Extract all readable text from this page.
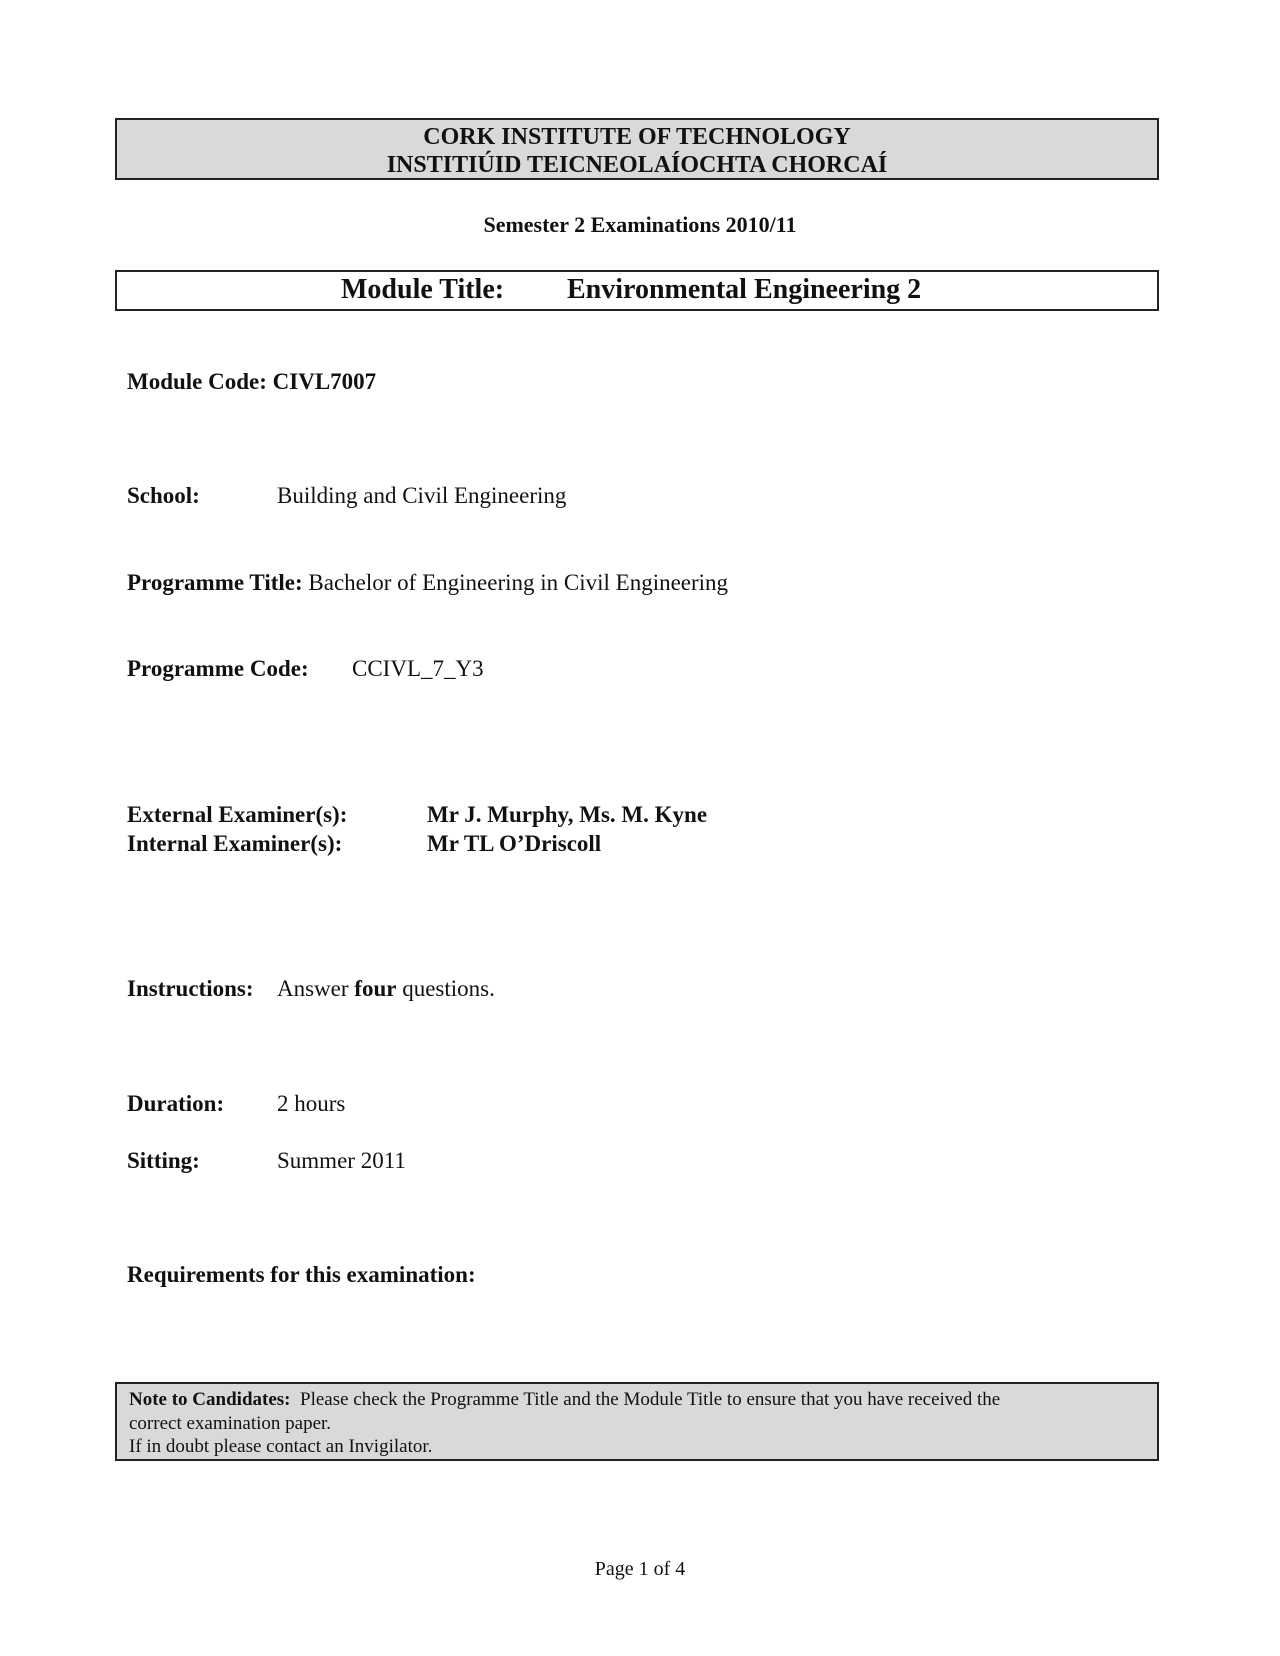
CORK INSTITUTE OF TECHNOLOGY
INSTITIÚID TEICNEOLAÍOCHTA CHORCAÍ
Semester 2 Examinations 2010/11
Module Title: Environmental Engineering 2
Module Code: CIVL7007
School:	Building and Civil Engineering
Programme Title: Bachelor of Engineering in Civil Engineering
Programme Code: CCIVL_7_Y3
External Examiner(s):	Mr J. Murphy, Ms. M. Kyne
Internal Examiner(s):	Mr TL O’Driscoll
Instructions: Answer four questions.
Duration: 2 hours
Sitting:	Summer 2011
Requirements for this examination:
Note to Candidates: Please check the Programme Title and the Module Title to ensure that you have received the
correct examination paper.
If in doubt please contact an Invigilator.
Page 1 of 4
